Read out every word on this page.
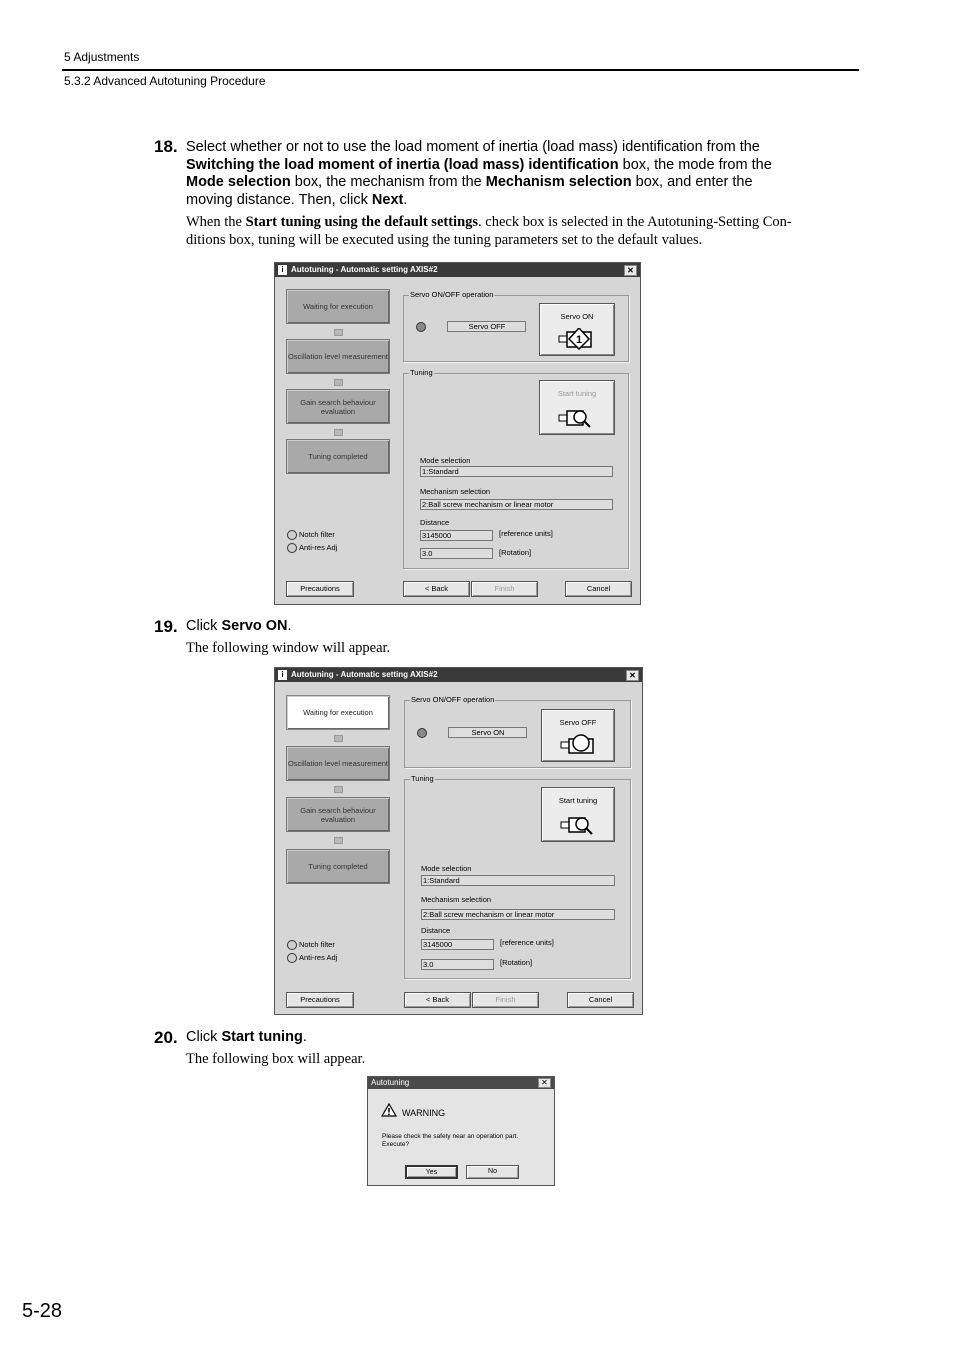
5 Adjustments
5.3.2 Advanced Autotuning Procedure
18. Select whether or not to use the load moment of inertia (load mass) identification from the
Switching the load moment of inertia (load mass) identification box, the mode from the
Mode selection box, the mechanism from the Mechanism selection box, and enter the
moving distance. Then, click Next.
When the Start tuning using the default settings. check box is selected in the Autotuning-Setting Con-
ditions box, tuning will be executed using the tuning parameters set to the default values.
i Autotuning - Automatic setting AXIS#2	✕
Waiting for execution
Oscillation level measurement
Gain search behaviour evaluation
Tuning completed
Servo ON/OFF operation
Servo OFF
Servo ON
1
Tuning
Start tuning
Mode selection
1:Standard
Mechanism selection
2:Ball screw mechanism or linear motor
Distance
3145000	[reference units]
3.0	[Rotation]
Notch filter
Anti-res Adj
Precautions	< Back	Finish	Cancel
19. Click Servo ON.
The following window will appear.
i Autotuning - Automatic setting AXIS#2	✕
Waiting for execution
Oscillation level measurement
Gain search behaviour evaluation
Tuning completed
Servo ON/OFF operation
Servo ON
Servo OFF
Tuning
Start tuning
Mode selection
1:Standard
Mechanism selection
2:Ball screw mechanism or linear motor
Distance
3145000	[reference units]
3.0	[Rotation]
Notch filter
Anti-res Adj
Precautions	< Back	Finish	Cancel
20. Click Start tuning.
The following box will appear.
Autotuning	✕
WARNING
Please check the safety near an operation part.
Execute?
Yes	No
5-28
